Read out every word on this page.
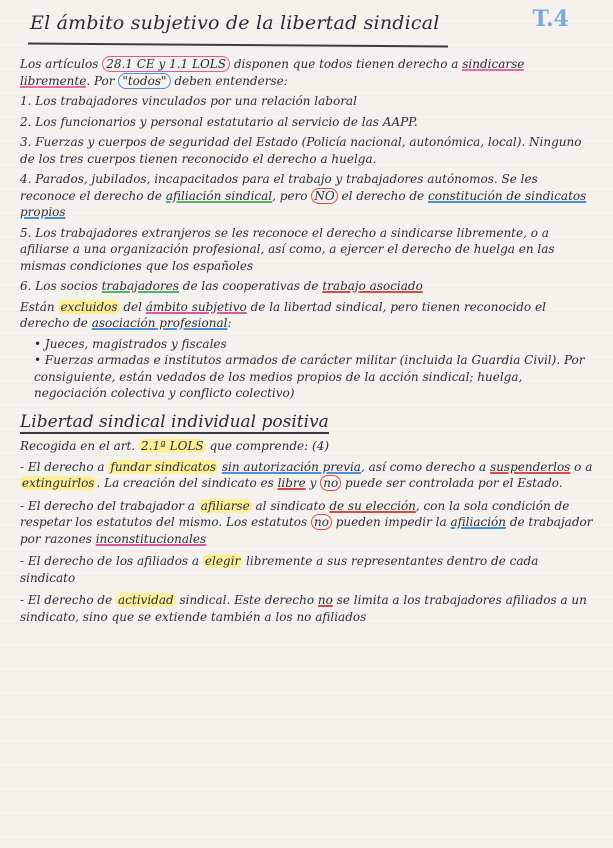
El ámbito subjetivo de la libertad sindical	T.4

Los artículos 28.1 CE y 1.1 LOLS disponen que todos tienen derecho a sindicarse libremente. Por "todos" deben entenderse:

1. Los trabajadores vinculados por una relación laboral
2. Los funcionarios y personal estatutario al servicio de las AAPP.
3. Fuerzas y cuerpos de seguridad del Estado (Policía nacional, autonómica, local). Ninguno de los tres cuerpos tienen reconocido el derecho a huelga.
4. Parados, jubilados, incapacitados para el trabajo y trabajadores autónomos. Se les reconoce el derecho de afiliación sindical, pero NO el derecho de constitución de sindicatos propios
5. Los trabajadores extranjeros se les reconoce el derecho a sindicarse libremente, o a afiliarse a una organización profesional, así como, a ejercer el derecho de huelga en las mismas condiciones que los españoles
6. Los socios trabajadores de las cooperativas de trabajo asociado

Están excluidos del ámbito subjetivo de la libertad sindical, pero tienen reconocido el derecho de asociación profesional:

• Jueces, magistrados y fiscales
• Fuerzas armadas e institutos armados de carácter militar (incluida la Guardia Civil). Por consiguiente, están vedados de los medios propios de la acción sindical; huelga, negociación colectiva y conflicto colectivo)
Libertad sindical individual positiva

Recogida en el art. 2.1ª LOLS que comprende: (4)

- El derecho a fundar sindicatos sin autorización previa, así como derecho a suspenderlos o a extinguirlos . La creación del sindicato es libre y no puede ser controlada por el Estado.
- El derecho del trabajador a afiliarse al sindicato de su elección, con la sola condición de respetar los estatutos del mismo. Los estatutos no pueden impedir la afiliación de trabajador por razones inconstitucionales
- El derecho de los afiliados a elegir libremente a sus representantes dentro de cada sindicato
- El derecho de actividad sindical. Este derecho no se limita a los trabajadores afiliados a un sindicato, sino que se extiende también a los no afiliados
